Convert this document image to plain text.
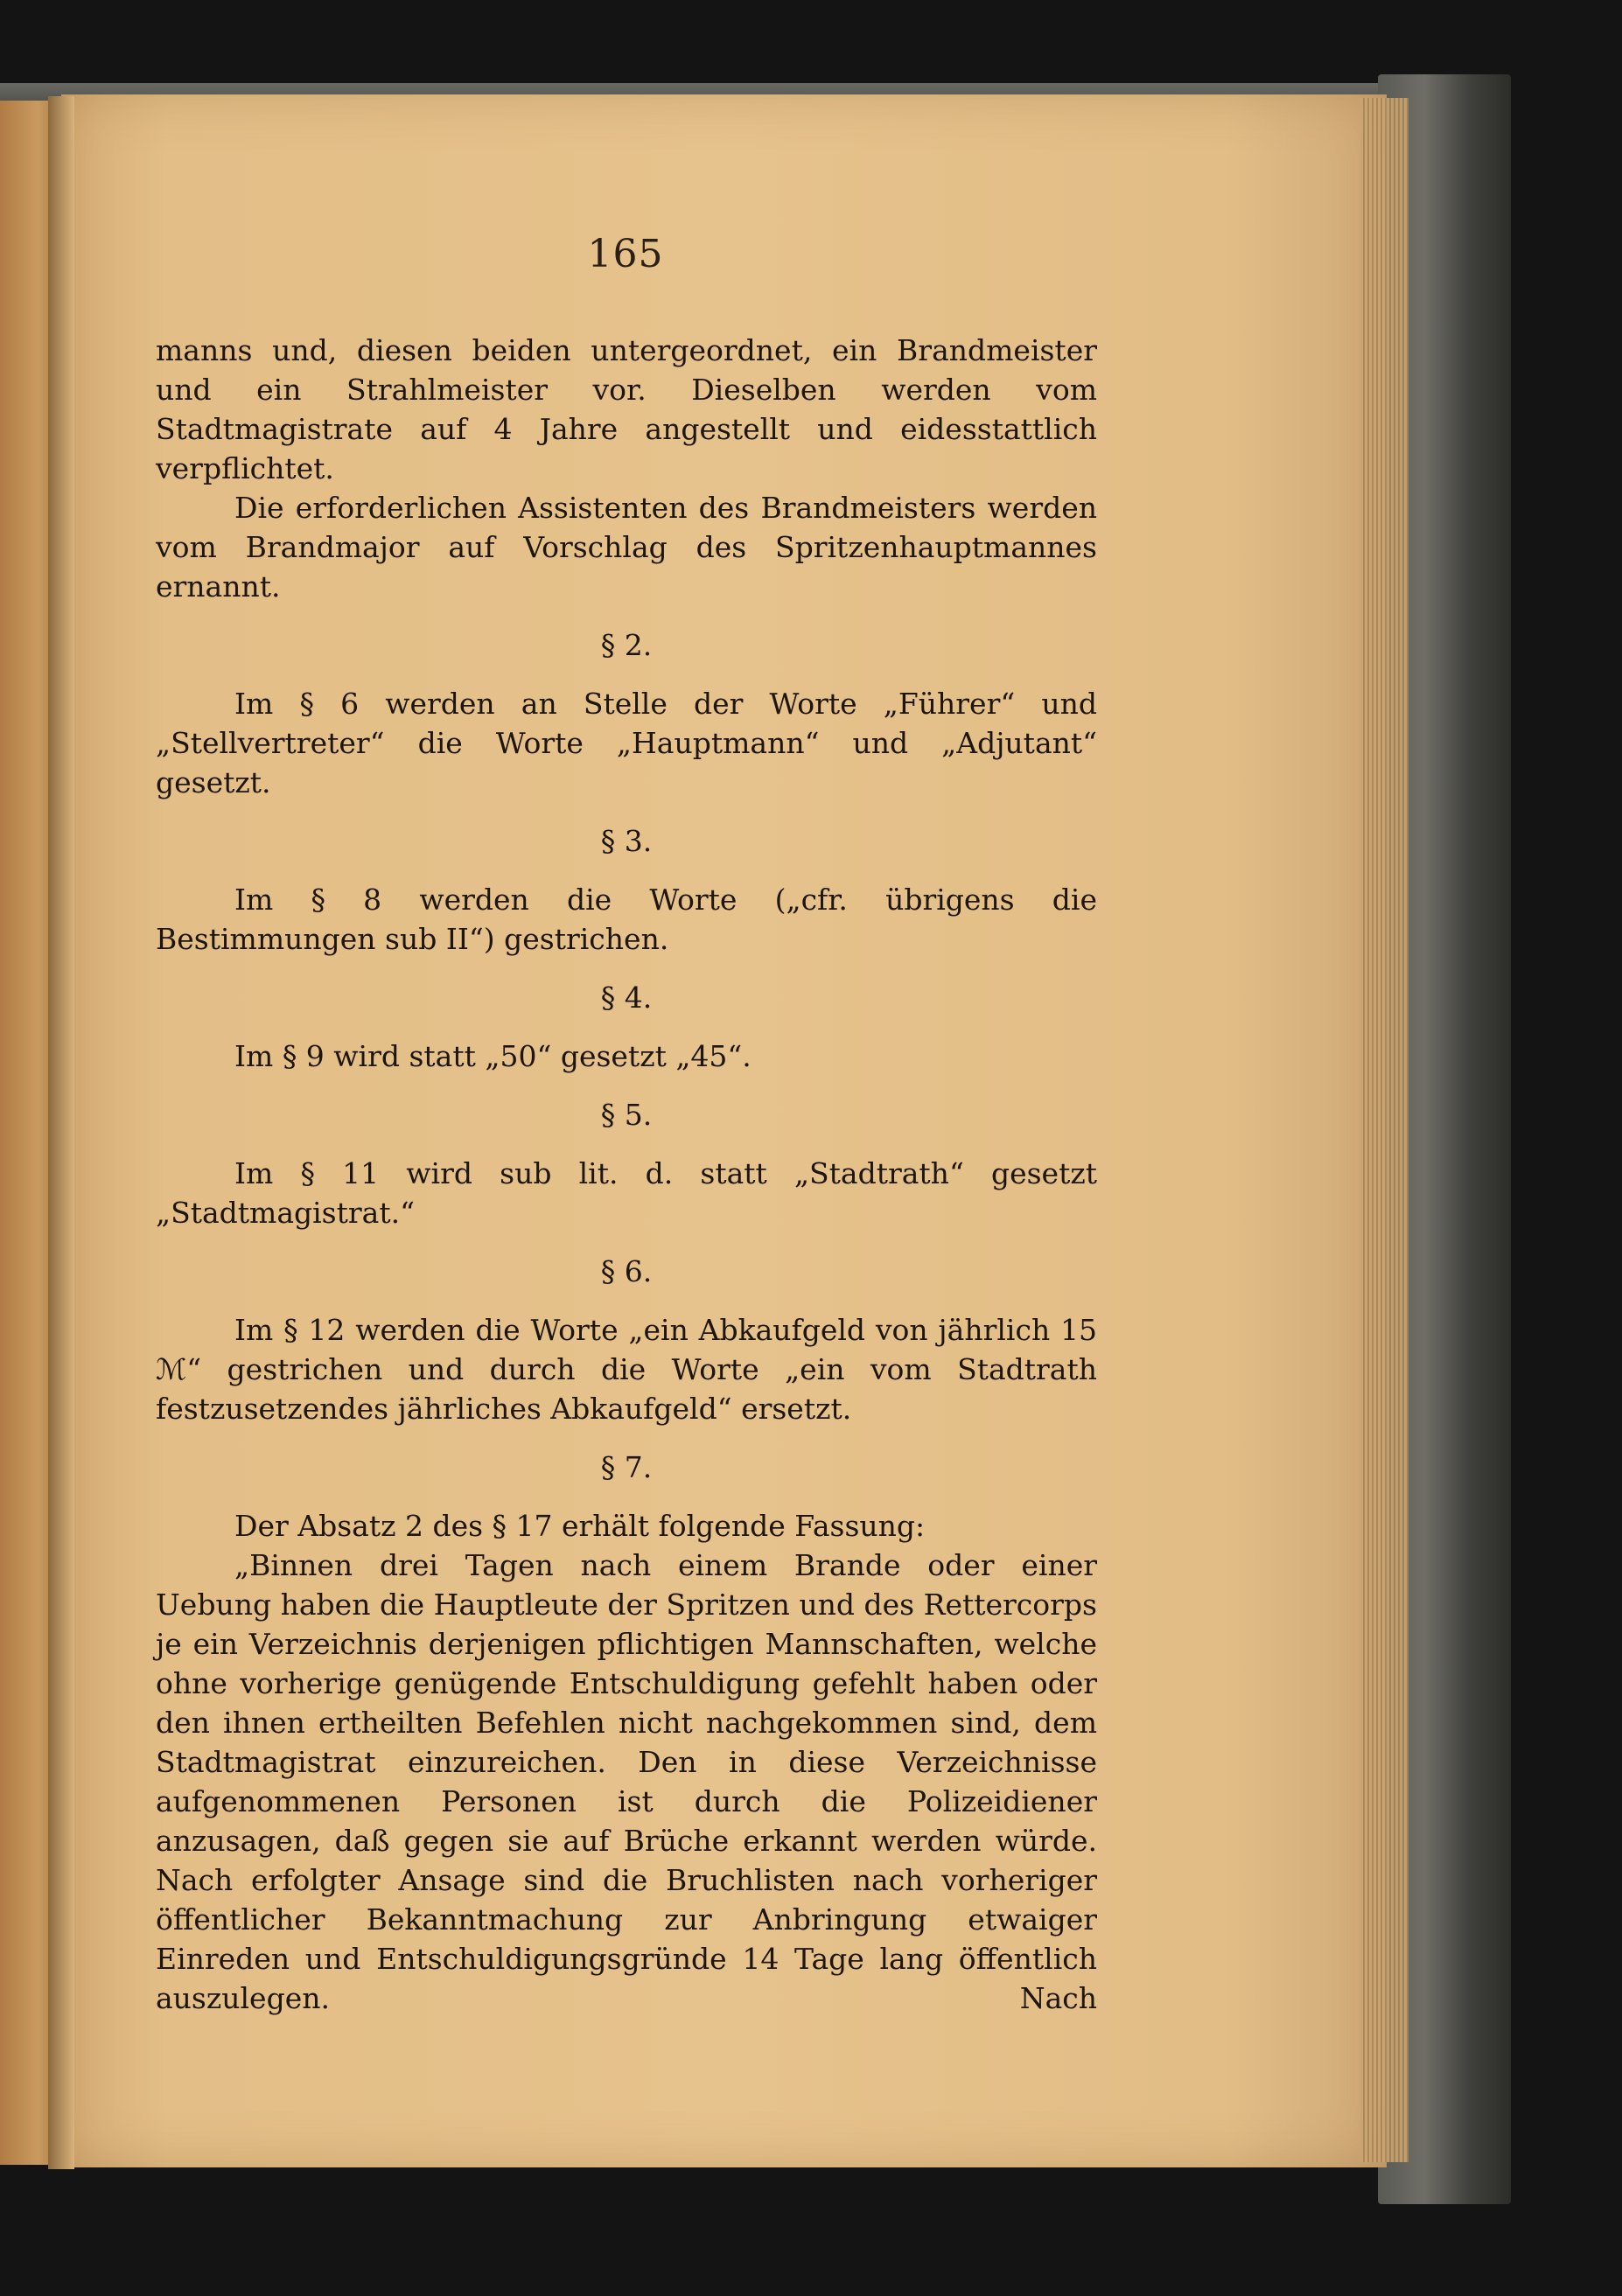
165

manns und, diesen beiden untergeordnet, ein Brandmeister und ein Strahlmeister vor. Dieselben werden vom Stadtmagistrate auf 4 Jahre angestellt und eidesstattlich verpflichtet.

Die erforderlichen Assistenten des Brandmeisters werden vom Brandmajor auf Vorschlag des Spritzenhauptmannes ernannt.

§ 2.

Im § 6 werden an Stelle der Worte „Führer“ und „Stellvertreter“ die Worte „Hauptmann“ und „Adjutant“ gesetzt.

§ 3.

Im § 8 werden die Worte („cfr. übrigens die Bestimmungen sub II“) gestrichen.

§ 4.

Im § 9 wird statt „50“ gesetzt „45“.

§ 5.

Im § 11 wird sub lit. d. statt „Stadtrath“ gesetzt „Stadtmagistrat.“

§ 6.

Im § 12 werden die Worte „ein Abkaufgeld von jährlich 15 ℳ“ gestrichen und durch die Worte „ein vom Stadtrath festzusetzendes jährliches Abkaufgeld“ ersetzt.

§ 7.

Der Absatz 2 des § 17 erhält folgende Fassung:

„Binnen drei Tagen nach einem Brande oder einer Uebung haben die Hauptleute der Spritzen und des Rettercorps je ein Verzeichnis derjenigen pflichtigen Mannschaften, welche ohne vorherige genügende Entschuldigung gefehlt haben oder den ihnen ertheilten Befehlen nicht nachgekommen sind, dem Stadtmagistrat einzureichen. Den in diese Verzeichnisse aufgenommenen Personen ist durch die Polizeidiener anzusagen, daß gegen sie auf Brüche erkannt werden würde. Nach erfolgter Ansage sind die Bruchlisten nach vorheriger öffentlicher Bekanntmachung zur Anbringung etwaiger Einreden und Entschuldigungsgründe 14 Tage lang öffentlich auszulegen. Nach
